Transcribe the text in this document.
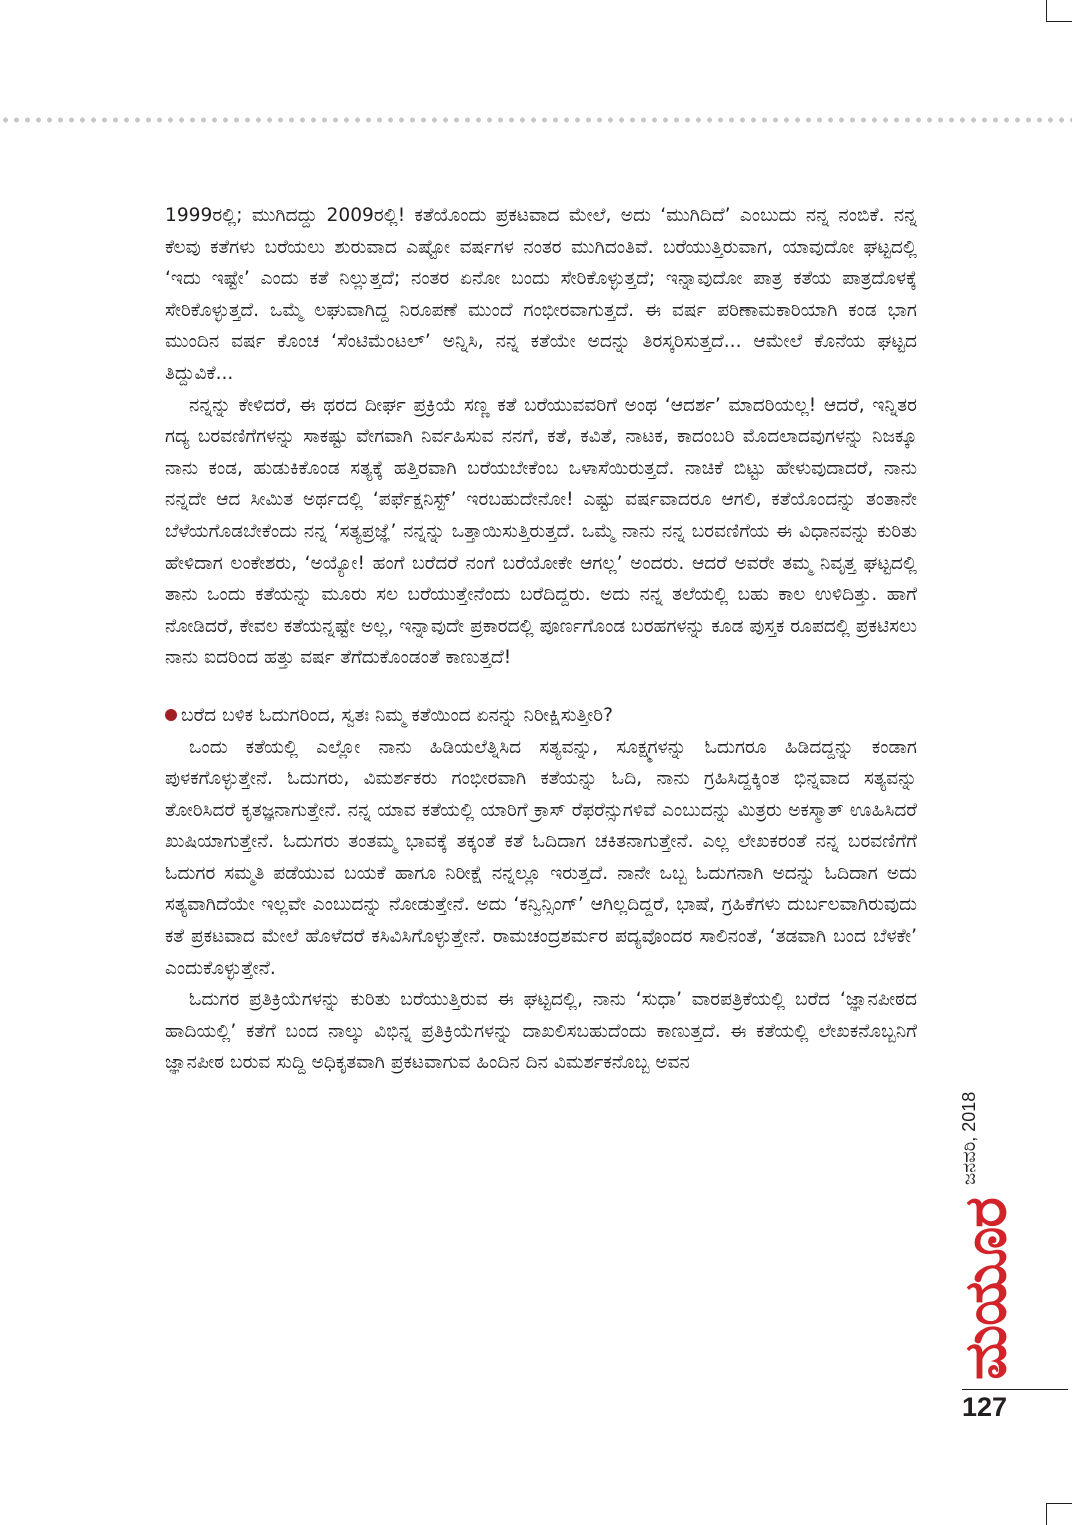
1999ರಲ್ಲಿ; ಮುಗಿದದ್ದು 2009ರಲ್ಲಿ! ಕತೆಯೊಂದು ಪ್ರಕಟವಾದ ಮೇಲೆ, ಅದು ‘ಮುಗಿದಿದೆ’ ಎಂಬುದು ನನ್ನ ನಂಬಿಕೆ. ನನ್ನ ಕೆಲವು ಕತೆಗಳು ಬರೆಯಲು ಶುರುವಾದ ಎಷ್ಟೋ ವರ್ಷಗಳ ನಂತರ ಮುಗಿದಂತಿವೆ. ಬರೆಯುತ್ತಿರುವಾಗ, ಯಾವುದೋ ಘಟ್ಟದಲ್ಲಿ ‘ಇದು ಇಷ್ಟೇ’ ಎಂದು ಕತೆ ನಿಲ್ಲುತ್ತದೆ; ನಂತರ ಏನೋ ಬಂದು ಸೇರಿಕೊಳ್ಳುತ್ತದೆ; ಇನ್ನಾವುದೋ ಪಾತ್ರ ಕತೆಯ ಪಾತ್ರದೊಳಕ್ಕೆ ಸೇರಿಕೊಳ್ಳುತ್ತದೆ. ಒಮ್ಮೆ ಲಘುವಾಗಿದ್ದ ನಿರೂಪಣೆ ಮುಂದೆ ಗಂಭೀರವಾಗುತ್ತದೆ. ಈ ವರ್ಷ ಪರಿಣಾಮಕಾರಿಯಾಗಿ ಕಂಡ ಭಾಗ ಮುಂದಿನ ವರ್ಷ ಕೊಂಚ ‘ಸೆಂಟಿಮೆಂಟಲ್’ ಅನ್ನಿಸಿ, ನನ್ನ ಕತೆಯೇ ಅದನ್ನು ತಿರಸ್ಕರಿಸುತ್ತದೆ... ಆಮೇಲೆ ಕೊನೆಯ ಘಟ್ಟದ ತಿದ್ದುವಿಕೆ...

ನನ್ನನ್ನು ಕೇಳಿದರೆ, ಈ ಥರದ ದೀರ್ಘ ಪ್ರಕ್ರಿಯೆ ಸಣ್ಣ ಕತೆ ಬರೆಯುವವರಿಗೆ ಅಂಥ ‘ಆದರ್ಶ’ ಮಾದರಿಯಲ್ಲ! ಆದರೆ, ಇನ್ನಿತರ ಗದ್ಯ ಬರವಣಿಗೆಗಳನ್ನು ಸಾಕಷ್ಟು ವೇಗವಾಗಿ ನಿರ್ವಹಿಸುವ ನನಗೆ, ಕತೆ, ಕವಿತೆ, ನಾಟಕ, ಕಾದಂಬರಿ ಮೊದಲಾದವುಗಳನ್ನು ನಿಜಕ್ಕೂ ನಾನು ಕಂಡ, ಹುಡುಕಿಕೊಂಡ ಸತ್ಯಕ್ಕೆ ಹತ್ತಿರವಾಗಿ ಬರೆಯಬೇಕೆಂಬ ಒಳಾಸೆಯಿರುತ್ತದೆ. ನಾಚಿಕೆ ಬಿಟ್ಟು ಹೇಳುವುದಾದರೆ, ನಾನು ನನ್ನದೇ ಆದ ಸೀಮಿತ ಅರ್ಥದಲ್ಲಿ ‘ಪರ್ಫೆಕ್ಷನಿಸ್ಟ್’ ಇರಬಹುದೇನೋ! ಎಷ್ಟು ವರ್ಷವಾದರೂ ಆಗಲಿ, ಕತೆಯೊಂದನ್ನು ತಂತಾನೇ ಬೆಳೆಯಗೊಡಬೇಕೆಂದು ನನ್ನ ‘ಸತ್ಯಪ್ರಜ್ಞೆ’ ನನ್ನನ್ನು ಒತ್ತಾಯಿಸುತ್ತಿರುತ್ತದೆ. ಒಮ್ಮೆ ನಾನು ನನ್ನ ಬರವಣಿಗೆಯ ಈ ವಿಧಾನವನ್ನು ಕುರಿತು ಹೇಳಿದಾಗ ಲಂಕೇಶರು, ‘ಅಯ್ಯೋ! ಹಂಗೆ ಬರೆದರೆ ನಂಗೆ ಬರೆಯೋಕೇ ಆಗಲ್ಲ’ ಅಂದರು. ಆದರೆ ಅವರೇ ತಮ್ಮ ನಿವೃತ್ತ ಘಟ್ಟದಲ್ಲಿ ತಾನು ಒಂದು ಕತೆಯನ್ನು ಮೂರು ಸಲ ಬರೆಯುತ್ತೇನೆಂದು ಬರೆದಿದ್ದರು. ಅದು ನನ್ನ ತಲೆಯಲ್ಲಿ ಬಹು ಕಾಲ ಉಳಿದಿತ್ತು. ಹಾಗೆ ನೋಡಿದರೆ, ಕೇವಲ ಕತೆಯನ್ನಷ್ಟೇ ಅಲ್ಲ, ಇನ್ನಾವುದೇ ಪ್ರಕಾರದಲ್ಲಿ ಪೂರ್ಣಗೊಂಡ ಬರಹಗಳನ್ನು ಕೂಡ ಪುಸ್ತಕ ರೂಪದಲ್ಲಿ ಪ್ರಕಟಿಸಲು ನಾನು ಐದರಿಂದ ಹತ್ತು ವರ್ಷ ತೆಗೆದುಕೊಂಡಂತೆ ಕಾಣುತ್ತದೆ!

ಬರೆದ ಬಳಿಕ ಓದುಗರಿಂದ, ಸ್ವತಃ ನಿಮ್ಮ ಕತೆಯಿಂದ ಏನನ್ನು ನಿರೀಕ್ಷಿಸುತ್ತೀರಿ?

ಒಂದು ಕತೆಯಲ್ಲಿ ಎಲ್ಲೋ ನಾನು ಹಿಡಿಯಲೆತ್ನಿಸಿದ ಸತ್ಯವನ್ನು, ಸೂಕ್ಷ್ಮಗಳನ್ನು ಓದುಗರೂ ಹಿಡಿದದ್ದನ್ನು ಕಂಡಾಗ ಪುಳಕಗೊಳ್ಳುತ್ತೇನೆ. ಓದುಗರು, ವಿಮರ್ಶಕರು ಗಂಭೀರವಾಗಿ ಕತೆಯನ್ನು ಓದಿ, ನಾನು ಗ್ರಹಿಸಿದ್ದಕ್ಕಿಂತ ಭಿನ್ನವಾದ ಸತ್ಯವನ್ನು ತೋರಿಸಿದರೆ ಕೃತಜ್ಞನಾಗುತ್ತೇನೆ. ನನ್ನ ಯಾವ ಕತೆಯಲ್ಲಿ ಯಾರಿಗೆ ಕ್ರಾಸ್ ರೆಫರೆನ್ಸುಗಳಿವೆ ಎಂಬುದನ್ನು ಮಿತ್ರರು ಅಕಸ್ಮಾತ್ ಊಹಿಸಿದರೆ ಖುಷಿಯಾಗುತ್ತೇನೆ. ಓದುಗರು ತಂತಮ್ಮ ಭಾವಕ್ಕೆ ತಕ್ಕಂತೆ ಕತೆ ಓದಿದಾಗ ಚಕಿತನಾಗುತ್ತೇನೆ. ಎಲ್ಲ ಲೇಖಕರಂತೆ ನನ್ನ ಬರವಣಿಗೆಗೆ ಓದುಗರ ಸಮ್ಮತಿ ಪಡೆಯುವ ಬಯಕೆ ಹಾಗೂ ನಿರೀಕ್ಷೆ ನನ್ನಲ್ಲೂ ಇರುತ್ತದೆ. ನಾನೇ ಒಬ್ಬ ಓದುಗನಾಗಿ ಅದನ್ನು ಓದಿದಾಗ ಅದು ಸತ್ಯವಾಗಿದೆಯೇ ಇಲ್ಲವೇ ಎಂಬುದನ್ನು ನೋಡುತ್ತೇನೆ. ಅದು ‘ಕನ್ವಿನ್ಸಿಂಗ್’ ಆಗಿಲ್ಲದಿದ್ದರೆ, ಭಾಷೆ, ಗ್ರಹಿಕೆಗಳು ದುರ್ಬಲವಾಗಿರುವುದು ಕತೆ ಪ್ರಕಟವಾದ ಮೇಲೆ ಹೊಳೆದರೆ ಕಸಿವಿಸಿಗೊಳ್ಳುತ್ತೇನೆ. ರಾಮಚಂದ್ರಶರ್ಮರ ಪದ್ಯವೊಂದರ ಸಾಲಿನಂತೆ, ‘ತಡವಾಗಿ ಬಂದ ಬೆಳಕೇ’ ಎಂದುಕೊಳ್ಳುತ್ತೇನೆ.

ಓದುಗರ ಪ್ರತಿಕ್ರಿಯೆಗಳನ್ನು ಕುರಿತು ಬರೆಯುತ್ತಿರುವ ಈ ಘಟ್ಟದಲ್ಲಿ, ನಾನು ‘ಸುಧಾ’ ವಾರಪತ್ರಿಕೆಯಲ್ಲಿ ಬರೆದ ‘ಜ್ಞಾನಪೀಠದ ಹಾದಿಯಲ್ಲಿ’ ಕತೆಗೆ ಬಂದ ನಾಲ್ಕು ವಿಭಿನ್ನ ಪ್ರತಿಕ್ರಿಯೆಗಳನ್ನು ದಾಖಲಿಸಬಹುದೆಂದು ಕಾಣುತ್ತದೆ. ಈ ಕತೆಯಲ್ಲಿ ಲೇಖಕನೊಬ್ಬನಿಗೆ ಜ್ಞಾನಪೀಠ ಬರುವ ಸುದ್ದಿ ಅಧಿಕೃತವಾಗಿ ಪ್ರಕಟವಾಗುವ ಹಿಂದಿನ ದಿನ ವಿಮರ್ಶಕನೊಬ್ಬ ಅವನ

ಮಯೂರ ಜನವರಿ, 2018
127
